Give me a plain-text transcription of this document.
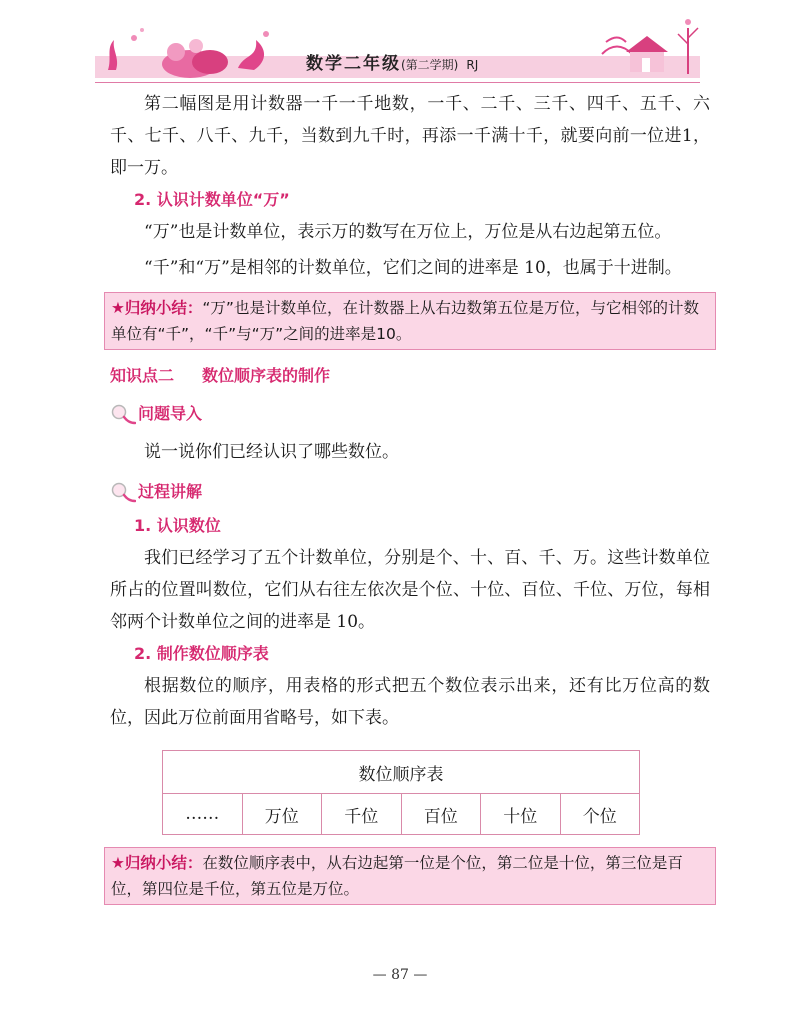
数学二年级(第二学期) RJ

第二幅图是用计数器一千一千地数，一千、二千、三千、四千、五千、六千、七千、八千、九千，当数到九千时，再添一千满十千，就要向前一位进1，即一万。

2. 认识计数单位“万”

“万”也是计数单位，表示万的数写在万位上，万位是从右边起第五位。

“千”和“万”是相邻的计数单位，它们之间的进率是 10，也属于十进制。

★归纳小结：“万”也是计数单位，在计数器上从右边数第五位是万位，与它相邻的计数单位有“千”，“千”与“万”之间的进率是10。
知识点二 数位顺序表的制作
问题导入

说一说你们已经认识了哪些数位。

过程讲解
1. 认识数位

我们已经学习了五个计数单位，分别是个、十、百、千、万。这些计数单位所占的位置叫数位，它们从右往左依次是个位、十位、百位、千位、万位，每相邻两个计数单位之间的进率是 10。

2. 制作数位顺序表

根据数位的顺序，用表格的形式把五个数位表示出来，还有比万位高的数位，因此万位前面用省略号，如下表。

数位顺序表
……	万位	千位	百位	十位	个位
★归纳小结：在数位顺序表中，从右边起第一位是个位，第二位是十位，第三位是百位，第四位是千位，第五位是万位。
— 87 —
